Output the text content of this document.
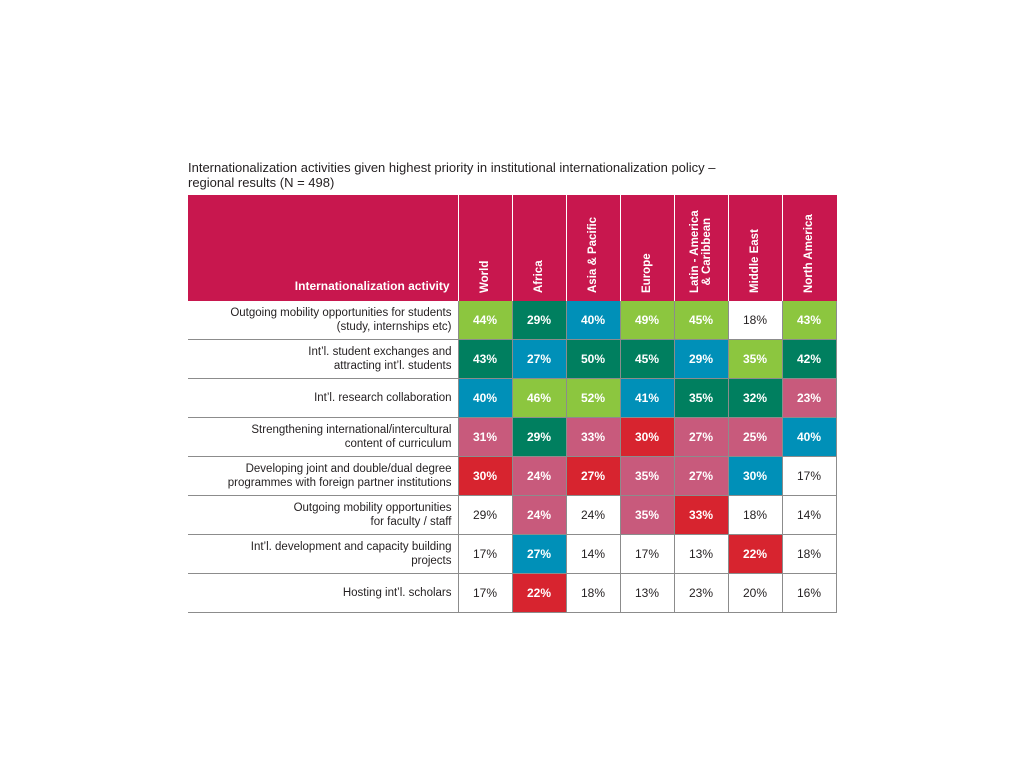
Internationalization activities given highest priority in institutional internationalization policy –
regional results (N = 498)

Internationalization activity	World	Africa	Asia & Pacific	Europe	Latin - America
& Caribbean	Middle East	North America

Outgoing mobility opportunities for students
(study, internships etc)	44%	29%	40%	49%	45%	18%	43%
Int’l. student exchanges and
attracting int’l. students	43%	27%	50%	45%	29%	35%	42%
Int’l. research collaboration	40%	46%	52%	41%	35%	32%	23%
Strengthening international/intercultural
content of curriculum	31%	29%	33%	30%	27%	25%	40%
Developing joint and double/dual degree
programmes with foreign partner institutions	30%	24%	27%	35%	27%	30%	17%
Outgoing mobility opportunities
for faculty / staff	29%	24%	24%	35%	33%	18%	14%
Int’l. development and capacity building
projects	17%	27%	14%	17%	13%	22%	18%
Hosting int’l. scholars	17%	22%	18%	13%	23%	20%	16%
